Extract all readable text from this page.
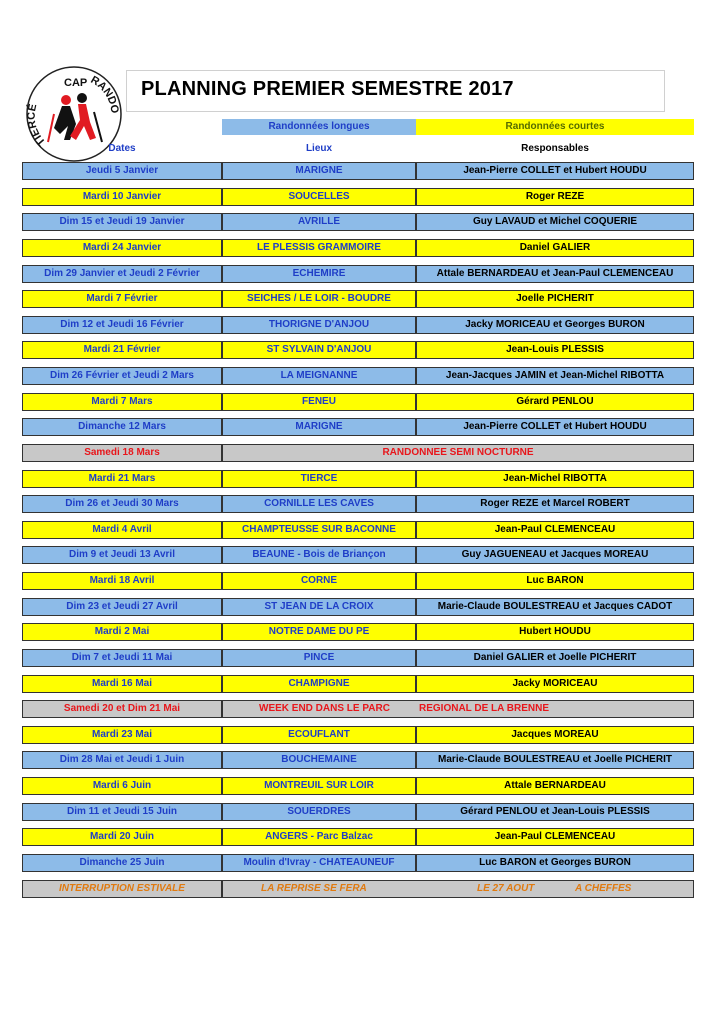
TIERCÉ
CAP RANDO
PLANNING PREMIER SEMESTRE 2017
Randonnées longues	Randonnées courtes
Dates	Lieux	Responsables
Jeudi 5 Janvier	MARIGNE	Jean-Pierre COLLET et Hubert HOUDU
Mardi 10 Janvier	SOUCELLES	Roger REZE
Dim 15 et Jeudi 19 Janvier	AVRILLE	Guy LAVAUD et Michel COQUERIE
Mardi 24 Janvier	LE PLESSIS GRAMMOIRE	Daniel GALIER
Dim 29 Janvier et Jeudi 2 Février	ECHEMIRE	Attale BERNARDEAU et Jean-Paul CLEMENCEAU
Mardi 7 Février	SEICHES / LE LOIR - BOUDRE	Joelle PICHERIT
Dim 12 et Jeudi 16 Février	THORIGNE D'ANJOU	Jacky MORICEAU et Georges BURON
Mardi 21 Février	ST SYLVAIN D'ANJOU	Jean-Louis PLESSIS
Dim 26 Février et Jeudi 2 Mars	LA MEIGNANNE	Jean-Jacques JAMIN et Jean-Michel RIBOTTA
Mardi 7 Mars	FENEU	Gérard PENLOU
Dimanche 12 Mars	MARIGNE	Jean-Pierre COLLET et Hubert HOUDU
Samedi 18 Mars	RANDONNEE SEMI NOCTURNE
Mardi 21 Mars	TIERCE	Jean-Michel RIBOTTA
Dim 26 et Jeudi 30 Mars	CORNILLE LES CAVES	Roger REZE et Marcel ROBERT
Mardi 4 Avril	CHAMPTEUSSE SUR BACONNE	Jean-Paul CLEMENCEAU
Dim 9 et Jeudi 13 Avril	BEAUNE - Bois de Briançon	Guy JAGUENEAU et Jacques MOREAU
Mardi 18 Avril	CORNE	Luc BARON
Dim 23 et Jeudi 27 Avril	ST JEAN DE LA CROIX	Marie-Claude BOULESTREAU et Jacques CADOT
Mardi 2 Mai	NOTRE DAME DU PE	Hubert HOUDU
Dim 7 et Jeudi 11 Mai	PINCE	Daniel GALIER et Joelle PICHERIT
Mardi 16 Mai	CHAMPIGNE	Jacky MORICEAU
Samedi 20 et Dim 21 Mai	WEEK END DANS LE PARC	REGIONAL DE LA BRENNE
Mardi 23 Mai	ECOUFLANT	Jacques MOREAU
Dim 28 Mai et Jeudi 1 Juin	BOUCHEMAINE	Marie-Claude BOULESTREAU et Joelle PICHERIT
Mardi 6 Juin	MONTREUIL SUR LOIR	Attale BERNARDEAU
Dim 11 et Jeudi 15 Juin	SOUERDRES	Gérard PENLOU et Jean-Louis PLESSIS
Mardi 20 Juin	ANGERS - Parc Balzac	Jean-Paul CLEMENCEAU
Dimanche 25 Juin	Moulin d'Ivray - CHATEAUNEUF	Luc BARON et Georges BURON
INTERRUPTION ESTIVALE	LA REPRISE SE FERA	LE 27 AOUT	A CHEFFES
